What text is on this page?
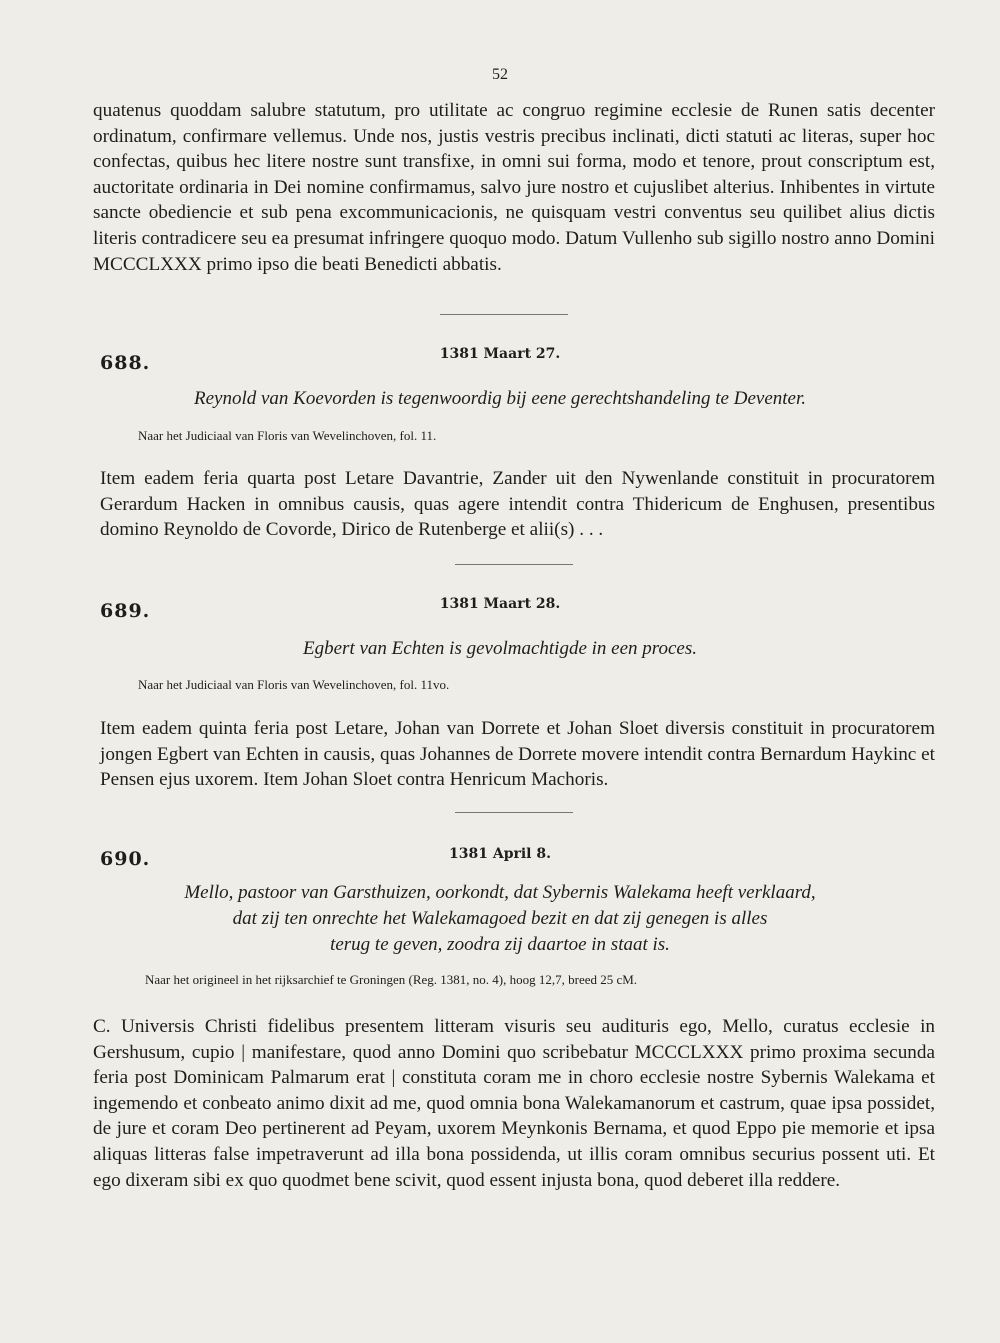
52

quatenus quoddam salubre statutum, pro utilitate ac congruo regimine ecclesie de Runen satis decenter ordinatum, confirmare vellemus. Unde nos, justis vestris precibus inclinati, dicti statuti ac literas, super hoc confectas, quibus hec litere nostre sunt transfixe, in omni sui forma, modo et tenore, prout conscriptum est, auctoritate ordinaria in Dei nomine confirmamus, salvo jure nostro et cujuslibet alterius. Inhibentes in virtute sancte obediencie et sub pena excommunicacionis, ne quisquam vestri conventus seu quilibet alius dictis literis contradicere seu ea presumat infringere quoquo modo. Datum Vullenho sub sigillo nostro anno Domini MCCCLXXX primo ipso die beati Benedicti abbatis.

688.	1381 Maart 27.

Reynold van Koevorden is tegenwoordig bij eene gerechtshandeling te Deventer.

Naar het Judiciaal van Floris van Wevelinchoven, fol. 11.

Item eadem feria quarta post Letare Davantrie, Zander uit den Nywenlande constituit in procuratorem Gerardum Hacken in omnibus causis, quas agere intendit contra Thidericum de Enghusen, presentibus domino Reynoldo de Covorde, Dirico de Rutenberge et alii(s) . . .

689.	1381 Maart 28.

Egbert van Echten is gevolmachtigde in een proces.

Naar het Judiciaal van Floris van Wevelinchoven, fol. 11vo.

Item eadem quinta feria post Letare, Johan van Dorrete et Johan Sloet diversis constituit in procuratorem jongen Egbert van Echten in causis, quas Johannes de Dorrete movere intendit contra Bernardum Haykinc et Pensen ejus uxorem. Item Johan Sloet contra Henricum Machoris.

690.	1381 April 8.

Mello, pastoor van Garsthuizen, oorkondt, dat Sybernis Walekama heeft verklaard,
dat zij ten onrechte het Walekamagoed bezit en dat zij genegen is alles
terug te geven, zoodra zij daartoe in staat is.

Naar het origineel in het rijksarchief te Groningen (Reg. 1381, no. 4), hoog 12,7, breed 25 cM.

C. Universis Christi fidelibus presentem litteram visuris seu audituris ego, Mello, curatus ecclesie in Gershusum, cupio | manifestare, quod anno Domini quo scribebatur MCCCLXXX primo proxima secunda feria post Dominicam Palmarum erat | constituta coram me in choro ecclesie nostre Sybernis Walekama et ingemendo et conbeato animo dixit ad me, quod omnia bona Walekamanorum et castrum, quae ipsa possidet, de jure et coram Deo pertinerent ad Peyam, uxorem Meynkonis Bernama, et quod Eppo pie memorie et ipsa aliquas litteras false impetraverunt ad illa bona possidenda, ut illis coram omnibus securius possent uti. Et ego dixeram sibi ex quo quodmet bene scivit, quod essent injusta bona, quod deberet illa reddere.
